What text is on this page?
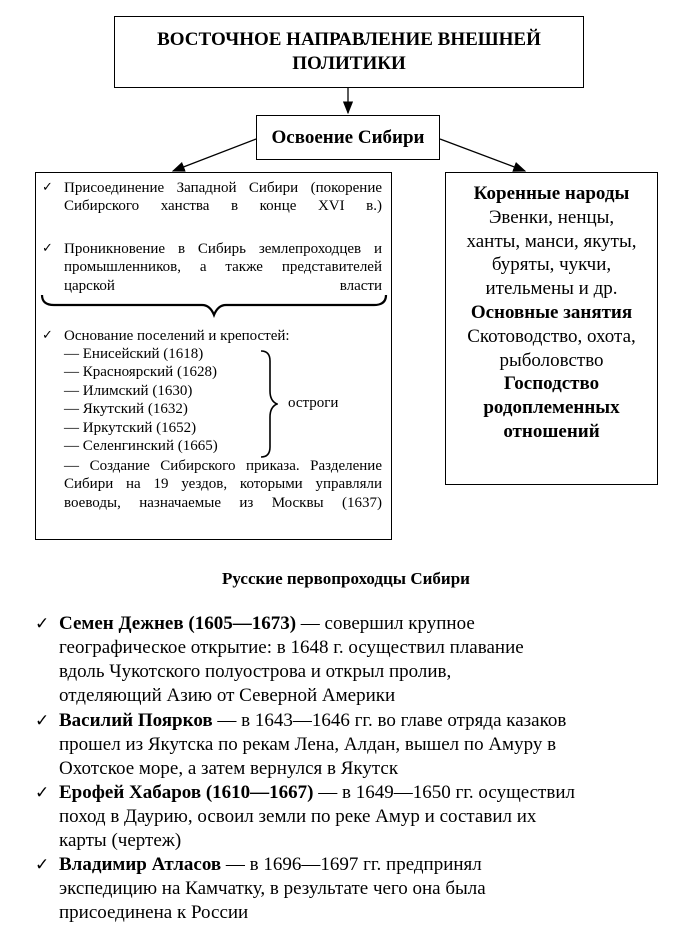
ВОСТОЧНОЕ НАПРАВЛЕНИЕ ВНЕШНЕЙ ПОЛИТИКИ
Освоение Сибири
✓ Присоединение Западной Сибири (покорение Сибирского ханства в конце XVI в.)
✓ Проникновение в Сибирь землепроходцев и промышленников, а также представителей царской власти
✓ Основание поселений и крепостей:
— Енисейский (1618)
— Красноярский (1628)
— Илимский (1630)
— Якутский (1632)
— Иркутский (1652)
— Селенгинский (1665)
остроги
— Создание Сибирского приказа. Разделение Сибири на 19 уездов, которыми управляли воеводы, назначаемые из Москвы (1637)
Коренные народы
Эвенки, ненцы, ханты, манси, якуты, буряты, чукчи, ительмены и др.
Основные занятия
Скотоводство, охота, рыболовство
Господство родоплеменных отношений
Русские первопроходцы Сибири
✓ Семен Дежнев (1605—1673) — совершил крупное
географическое открытие: в 1648 г. осуществил плавание
вдоль Чукотского полуострова и открыл пролив,
отделяющий Азию от Северной Америки
✓ Василий Поярков — в 1643—1646 гг. во главе отряда казаков
прошел из Якутска по рекам Лена, Алдан, вышел по Амуру в
Охотское море, а затем вернулся в Якутск
✓ Ерофей Хабаров (1610—1667) — в 1649—1650 гг. осуществил
поход в Даурию, освоил земли по реке Амур и составил их
карты (чертеж)
✓ Владимир Атласов — в 1696—1697 гг. предпринял
экспедицию на Камчатку, в результате чего она была
присоединена к России
